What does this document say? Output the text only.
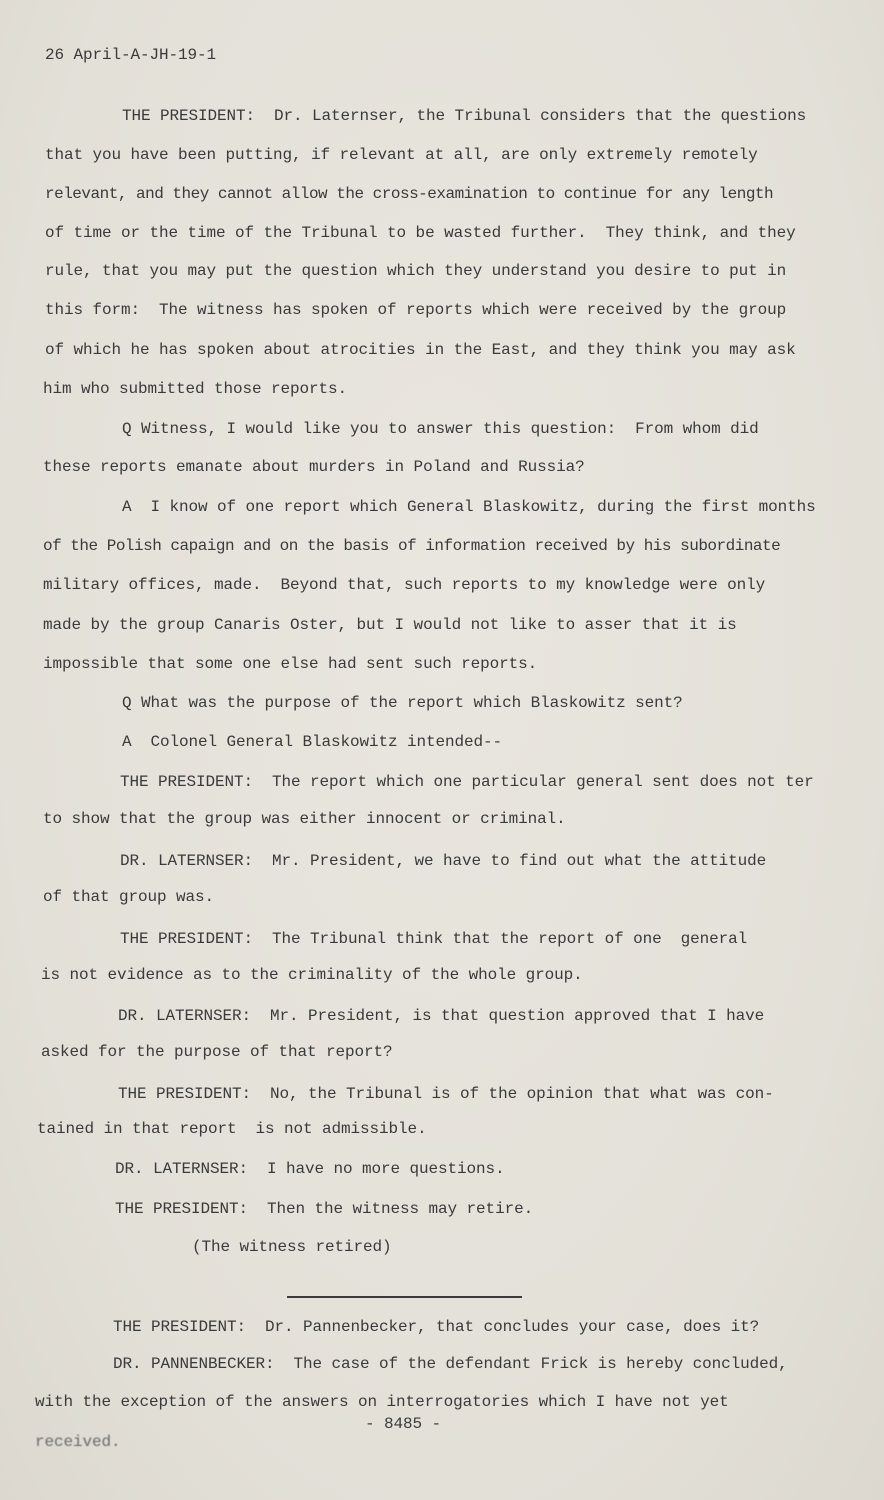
26 April-A-JH-19-1
THE PRESIDENT:  Dr. Laternser, the Tribunal considers that the questions
that you have been putting, if relevant at all, are only extremely remotely
relevant, and they cannot allow the cross-examination to continue for any length
of time or the time of the Tribunal to be wasted further.  They think, and they
rule, that you may put the question which they understand you desire to put in
this form:  The witness has spoken of reports which were received by the group
of which he has spoken about atrocities in the East, and they think you may ask
him who submitted those reports.
Q Witness, I would like you to answer this question:  From whom did
these reports emanate about murders in Poland and Russia?
A  I know of one report which General Blaskowitz, during the first months
of the Polish capaign and on the basis of information received by his subordinate
military offices, made.  Beyond that, such reports to my knowledge were only
made by the group Canaris Oster, but I would not like to asser that it is
impossible that some one else had sent such reports.
Q What was the purpose of the report which Blaskowitz sent?
A  Colonel General Blaskowitz intended--
THE PRESIDENT:  The report which one particular general sent does not ter
to show that the group was either innocent or criminal.
DR. LATERNSER:  Mr. President, we have to find out what the attitude
of that group was.
THE PRESIDENT:  The Tribunal think that the report of one  general
is not evidence as to the criminality of the whole group.
DR. LATERNSER:  Mr. President, is that question approved that I have
asked for the purpose of that report?
THE PRESIDENT:  No, the Tribunal is of the opinion that what was con-
tained in that report  is not admissible.
DR. LATERNSER:  I have no more questions.
THE PRESIDENT:  Then the witness may retire.
(The witness retired)
THE PRESIDENT:  Dr. Pannenbecker, that concludes your case, does it?
DR. PANNENBECKER:  The case of the defendant Frick is hereby concluded,
with the exception of the answers on interrogatories which I have not yet
- 8485 -
received.
